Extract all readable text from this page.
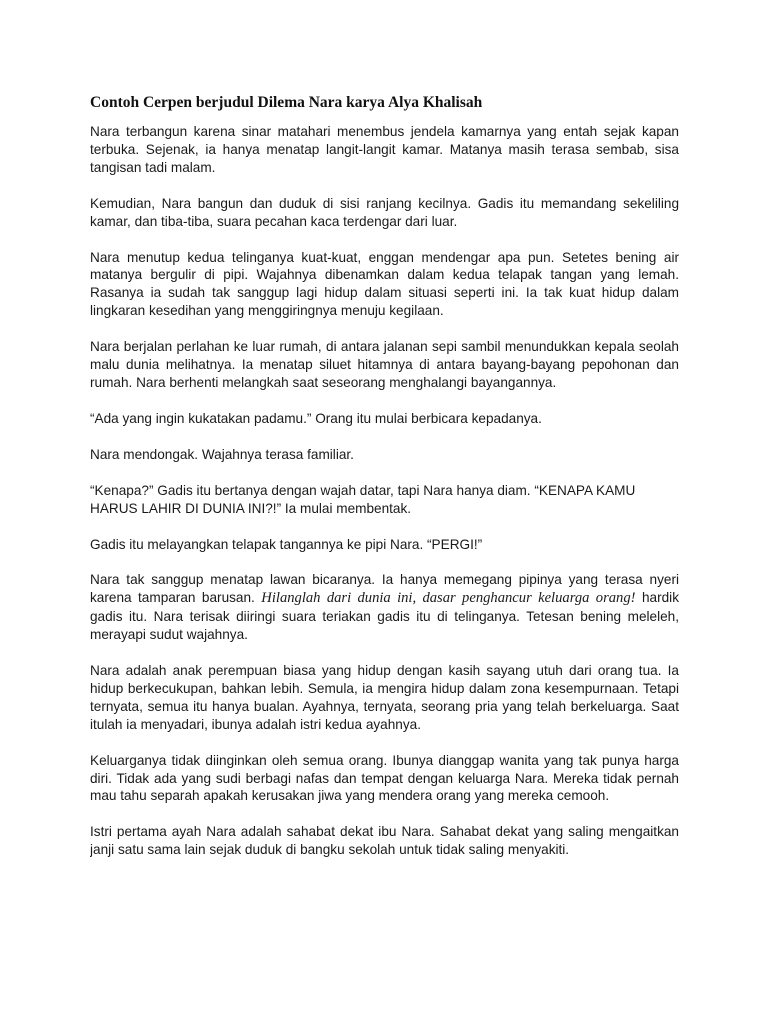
Contoh Cerpen berjudul Dilema Nara karya Alya Khalisah

Nara terbangun karena sinar matahari menembus jendela kamarnya yang entah sejak kapan terbuka. Sejenak, ia hanya menatap langit-langit kamar. Matanya masih terasa sembab, sisa tangisan tadi malam.

Kemudian, Nara bangun dan duduk di sisi ranjang kecilnya. Gadis itu memandang sekeliling kamar, dan tiba-tiba, suara pecahan kaca terdengar dari luar.

Nara menutup kedua telinganya kuat-kuat, enggan mendengar apa pun. Setetes bening air matanya bergulir di pipi. Wajahnya dibenamkan dalam kedua telapak tangan yang lemah. Rasanya ia sudah tak sanggup lagi hidup dalam situasi seperti ini. Ia tak kuat hidup dalam lingkaran kesedihan yang menggiringnya menuju kegilaan.

Nara berjalan perlahan ke luar rumah, di antara jalanan sepi sambil menundukkan kepala seolah malu dunia melihatnya. Ia menatap siluet hitamnya di antara bayang-bayang pepohonan dan rumah. Nara berhenti melangkah saat seseorang menghalangi bayangannya.

“Ada yang ingin kukatakan padamu.” Orang itu mulai berbicara kepadanya.

Nara mendongak. Wajahnya terasa familiar.

“Kenapa?” Gadis itu bertanya dengan wajah datar, tapi Nara hanya diam. “KENAPA KAMU HARUS LAHIR DI DUNIA INI?!” Ia mulai membentak.

Gadis itu melayangkan telapak tangannya ke pipi Nara. “PERGI!”

Nara tak sanggup menatap lawan bicaranya. Ia hanya memegang pipinya yang terasa nyeri karena tamparan barusan. Hilanglah dari dunia ini, dasar penghancur keluarga orang! hardik gadis itu. Nara terisak diiringi suara teriakan gadis itu di telinganya. Tetesan bening meleleh, merayapi sudut wajahnya.

Nara adalah anak perempuan biasa yang hidup dengan kasih sayang utuh dari orang tua. Ia hidup berkecukupan, bahkan lebih. Semula, ia mengira hidup dalam zona kesempurnaan. Tetapi ternyata, semua itu hanya bualan. Ayahnya, ternyata, seorang pria yang telah berkeluarga. Saat itulah ia menyadari, ibunya adalah istri kedua ayahnya.

Keluarganya tidak diinginkan oleh semua orang. Ibunya dianggap wanita yang tak punya harga diri. Tidak ada yang sudi berbagi nafas dan tempat dengan keluarga Nara. Mereka tidak pernah mau tahu separah apakah kerusakan jiwa yang mendera orang yang mereka cemooh.

Istri pertama ayah Nara adalah sahabat dekat ibu Nara. Sahabat dekat yang saling mengaitkan janji satu sama lain sejak duduk di bangku sekolah untuk tidak saling menyakiti.
